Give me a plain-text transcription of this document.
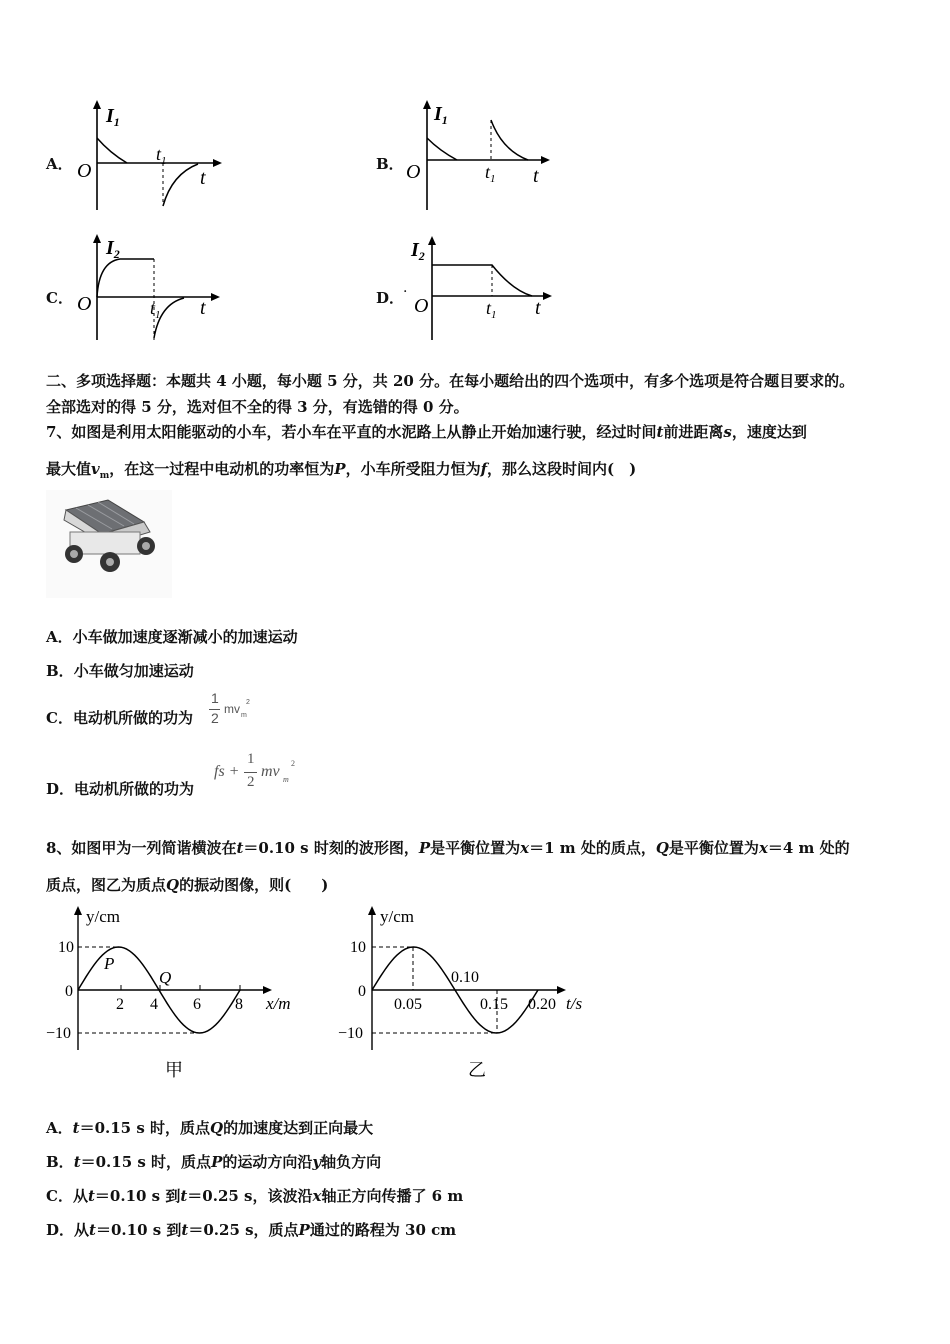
A．
$I_1$
O
$t_1$
t
B．
$I_1$
O	$t_1$ t
C．
$I_2$
O	$t_1$ t	D．
·
$I_2$
O	$t_1$ t
二、多项选择题：本题共 4 小题，每小题 5 分，共 20 分。在每小题给出的四个选项中，有多个选项是符合题目要求的。
全部选对的得 5 分，选对但不全的得 3 分，有选错的得 0 分。
7、如图是利用太阳能驱动的小车，若小车在平直的水泥路上从静止开始加速行驶，经过时间t前进距离s，速度达到
最大值$v_m$，在这一过程中电动机的功率恒为P，小车所受阻力恒为f，那么这段时间内(　)
A．小车做加速度逐渐减小的加速运动
B．小车做匀加速运动
C．电动机所做的功为
1
2
mv m
2
D．电动机所做的功为
fs +
1
2
mv m
2
8、如图甲为一列简谐横波在t＝0.10 s 时刻的波形图，P是平衡位置为x＝1 m 处的质点，Q是平衡位置为x＝4 m 处的
质点，图乙为质点Q的振动图像，则(　　)
y/cm
10
0
−10
2 4 6 8 x/m
P
Q
甲
y/cm
10
0
−10
0.05
0.10
0.15 0.20 t/s
乙
A．t＝0.15 s 时，质点Q的加速度达到正向最大
B．t＝0.15 s 时，质点P的运动方向沿y轴负方向
C．从t＝0.10 s 到t＝0.25 s，该波沿x轴正方向传播了 6 m
D．从t＝0.10 s 到t＝0.25 s，质点P通过的路程为 30 cm
